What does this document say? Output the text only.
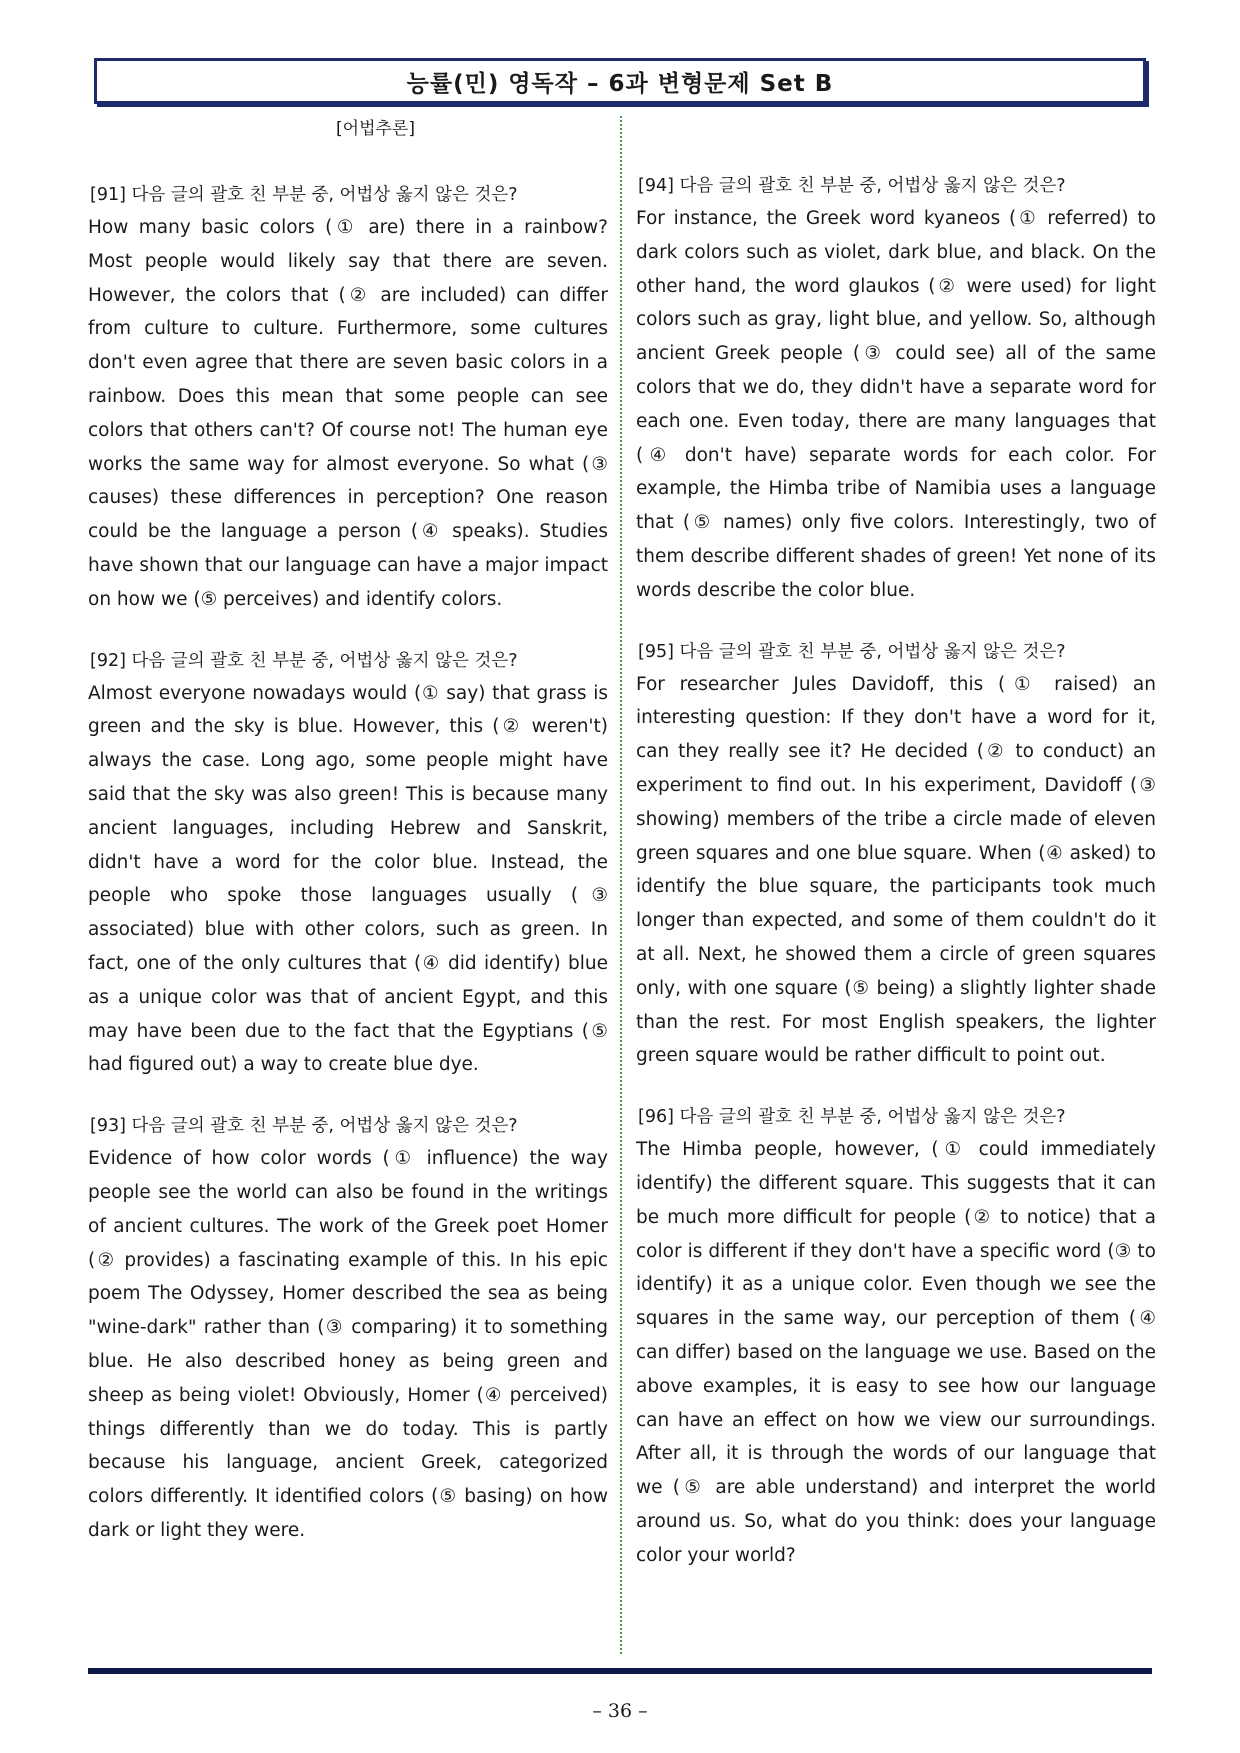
능률(민) 영독작 – 6과 변형문제 Set B
[어법추론]
[91] 다음 글의 괄호 친 부분 중, 어법상 옳지 않은 것은?

How many basic colors (① are) there in a rainbow? Most people would likely say that there are seven. However, the colors that (② are included) can differ from culture to culture. Furthermore, some cultures don't even agree that there are seven basic colors in a rainbow. Does this mean that some people can see colors that others can't? Of course not! The human eye works the same way for almost everyone. So what (③ causes) these differences in perception? One reason could be the language a person (④ speaks). Studies have shown that our language can have a major impact on how we (⑤ perceives) and identify colors.

[92] 다음 글의 괄호 친 부분 중, 어법상 옳지 않은 것은?

Almost everyone nowadays would (① say) that grass is green and the sky is blue. However, this (② weren't) always the case. Long ago, some people might have said that the sky was also green! This is because many ancient languages, including Hebrew and Sanskrit, didn't have a word for the color blue. Instead, the people who spoke those languages usually (③ associated) blue with other colors, such as green. In fact, one of the only cultures that (④ did identify) blue as a unique color was that of ancient Egypt, and this may have been due to the fact that the Egyptians (⑤ had figured out) a way to create blue dye.

[93] 다음 글의 괄호 친 부분 중, 어법상 옳지 않은 것은?

Evidence of how color words (① influence) the way people see the world can also be found in the writings of ancient cultures. The work of the Greek poet Homer (② provides) a fascinating example of this. In his epic poem The Odyssey, Homer described the sea as being "wine-dark" rather than (③ comparing) it to something blue. He also described honey as being green and sheep as being violet! Obviously, Homer (④ perceived) things differently than we do today. This is partly because his language, ancient Greek, categorized colors differently. It identified colors (⑤ basing) on how dark or light they were.

[94] 다음 글의 괄호 친 부분 중, 어법상 옳지 않은 것은?

For instance, the Greek word kyaneos (① referred) to dark colors such as violet, dark blue, and black. On the other hand, the word glaukos (② were used) for light colors such as gray, light blue, and yellow. So, although ancient Greek people (③ could see) all of the same colors that we do, they didn't have a separate word for each one. Even today, there are many languages that (④ don't have) separate words for each color. For example, the Himba tribe of Namibia uses a language that (⑤ names) only five colors. Interestingly, two of them describe different shades of green! Yet none of its words describe the color blue.

[95] 다음 글의 괄호 친 부분 중, 어법상 옳지 않은 것은?

For researcher Jules Davidoff, this (① raised) an interesting question: If they don't have a word for it, can they really see it? He decided (② to conduct) an experiment to find out. In his experiment, Davidoff (③ showing) members of the tribe a circle made of eleven green squares and one blue square. When (④ asked) to identify the blue square, the participants took much longer than expected, and some of them couldn't do it at all. Next, he showed them a circle of green squares only, with one square (⑤ being) a slightly lighter shade than the rest. For most English speakers, the lighter green square would be rather difficult to point out.

[96] 다음 글의 괄호 친 부분 중, 어법상 옳지 않은 것은?

The Himba people, however, (① could immediately identify) the different square. This suggests that it can be much more difficult for people (② to notice) that a color is different if they don't have a specific word (③ to identify) it as a unique color. Even though we see the squares in the same way, our perception of them (④ can differ) based on the language we use. Based on the above examples, it is easy to see how our language can have an effect on how we view our surroundings. After all, it is through the words of our language that we (⑤ are able understand) and interpret the world around us. So, what do you think: does your language color your world?

– 36 –
